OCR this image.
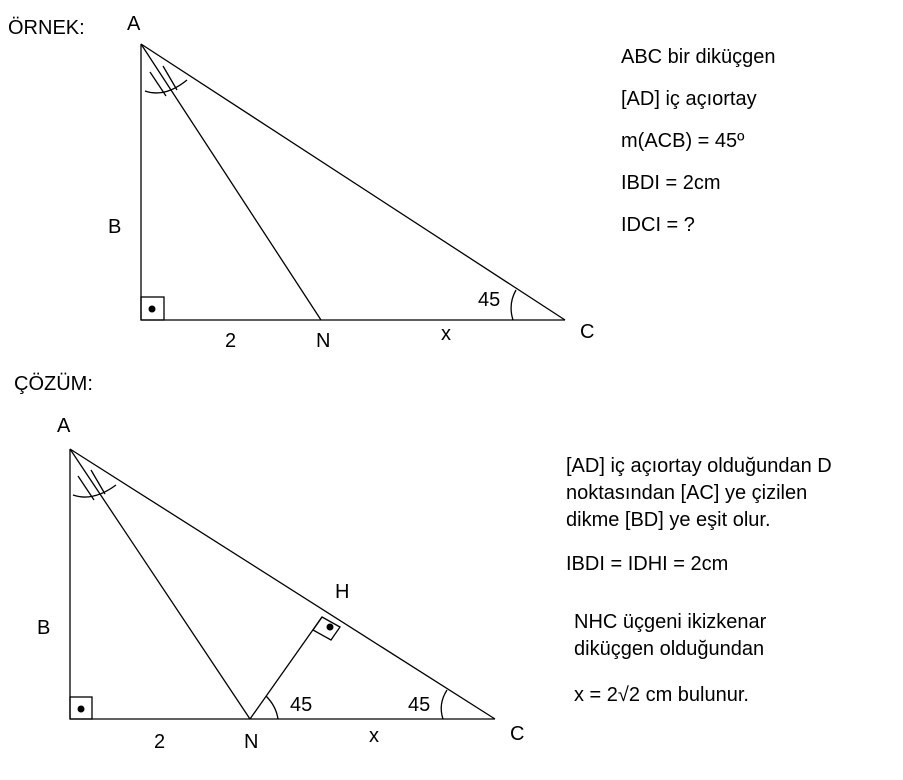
ÖRNEK: A
B
N	C
2	x
45
A
B
N	C
H
2	x
45	45
ABC bir diküçgen
[AD] iç açıortay
m(ACB) = 45º
IBDI = 2cm
IDCI = ?
ÇÖZÜM:
[AD] iç açıortay olduğundan D
noktasından [AC] ye çizilen
dikme [BD] ye eşit olur.
IBDI = IDHI = 2cm
NHC üçgeni ikizkenar
diküçgen olduğundan
x = 2√2 cm bulunur.
